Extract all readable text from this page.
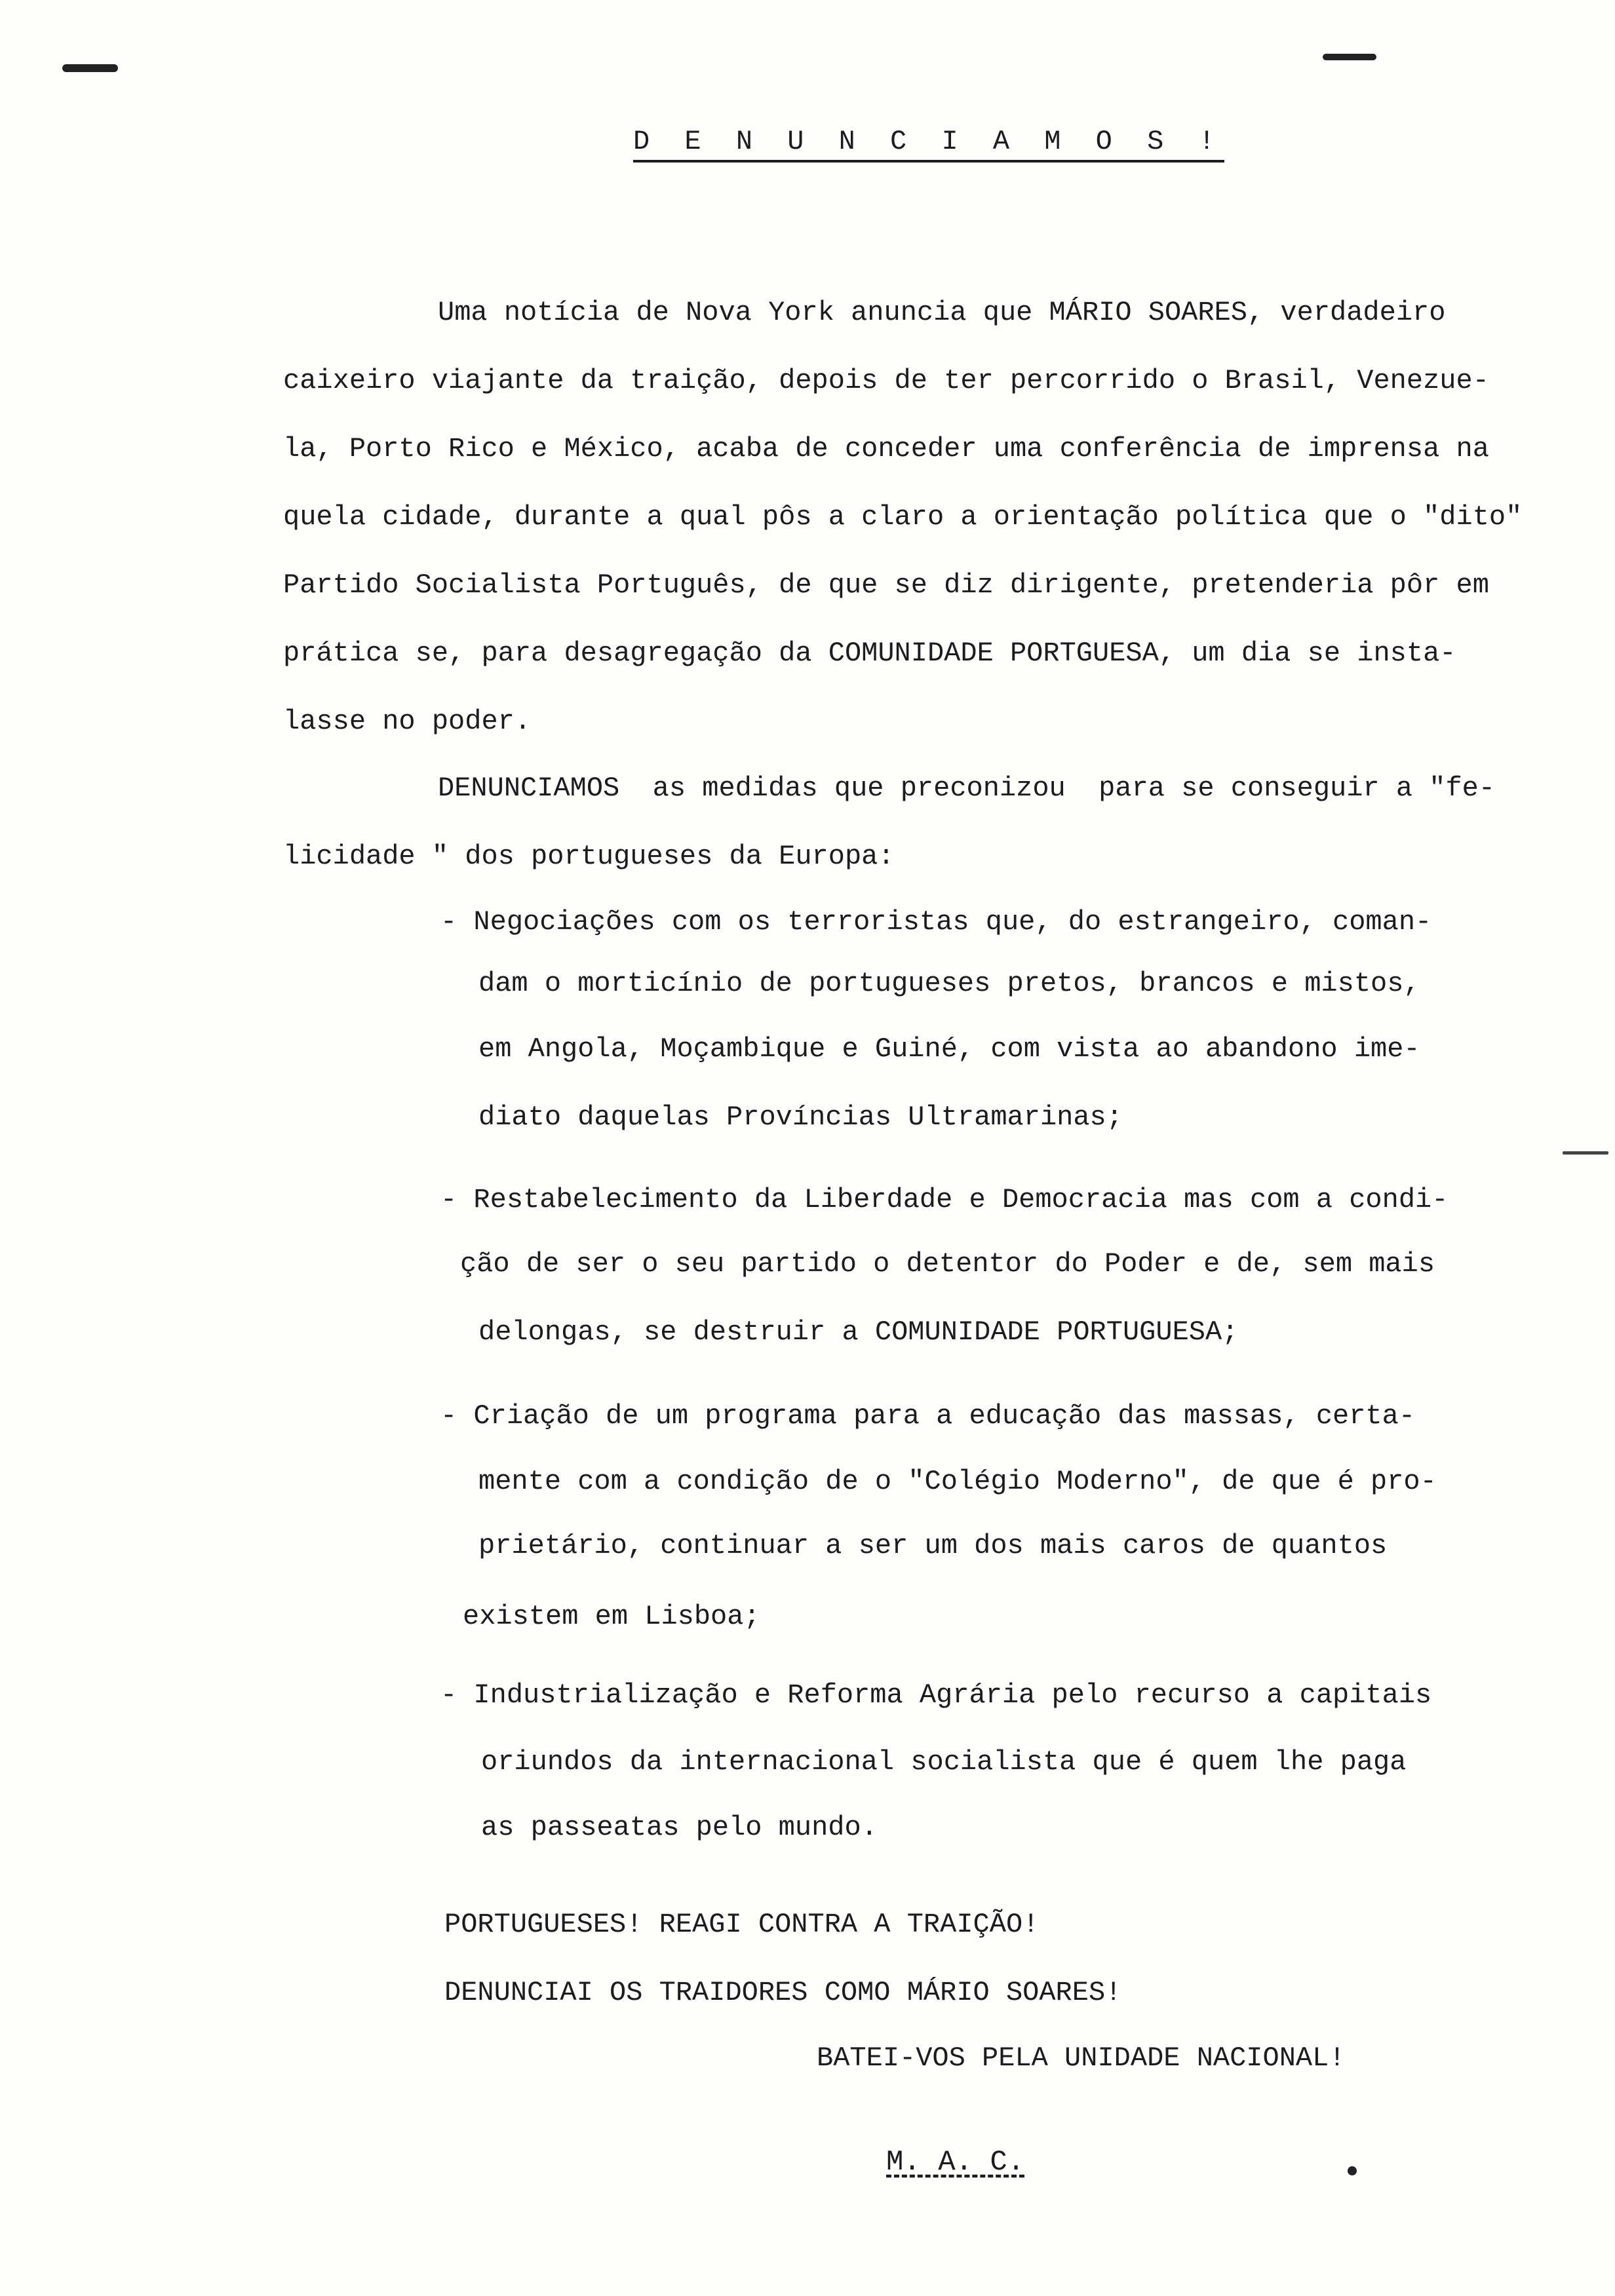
D E N U N C I A M O S !
Uma notícia de Nova York anuncia que MÁRIO SOARES, verdadeiro
caixeiro viajante da traição, depois de ter percorrido o Brasil, Venezue-
la, Porto Rico e México, acaba de conceder uma conferência de imprensa na
quela cidade, durante a qual pôs a claro a orientação política que o "dito"
Partido Socialista Português, de que se diz dirigente, pretenderia pôr em
prática se, para desagregação da COMUNIDADE PORTGUESA, um dia se insta-
lasse no poder.
DENUNCIAMOS  as medidas que preconizou  para se conseguir a "fe-
licidade " dos portugueses da Europa:
- Negociações com os terroristas que, do estrangeiro, coman-
dam o morticínio de portugueses pretos, brancos e mistos,
em Angola, Moçambique e Guiné, com vista ao abandono ime-
diato daquelas Províncias Ultramarinas;
- Restabelecimento da Liberdade e Democracia mas com a condi-
ção de ser o seu partido o detentor do Poder e de, sem mais
delongas, se destruir a COMUNIDADE PORTUGUESA;
- Criação de um programa para a educação das massas, certa-
mente com a condição de o "Colégio Moderno", de que é pro-
prietário, continuar a ser um dos mais caros de quantos
existem em Lisboa;
- Industrialização e Reforma Agrária pelo recurso a capitais
oriundos da internacional socialista que é quem lhe paga
as passeatas pelo mundo.
PORTUGUESES! REAGI CONTRA A TRAIÇÃO!
DENUNCIAI OS TRAIDORES COMO MÁRIO SOARES!
BATEI-VOS PELA UNIDADE NACIONAL!
M. A. C.
